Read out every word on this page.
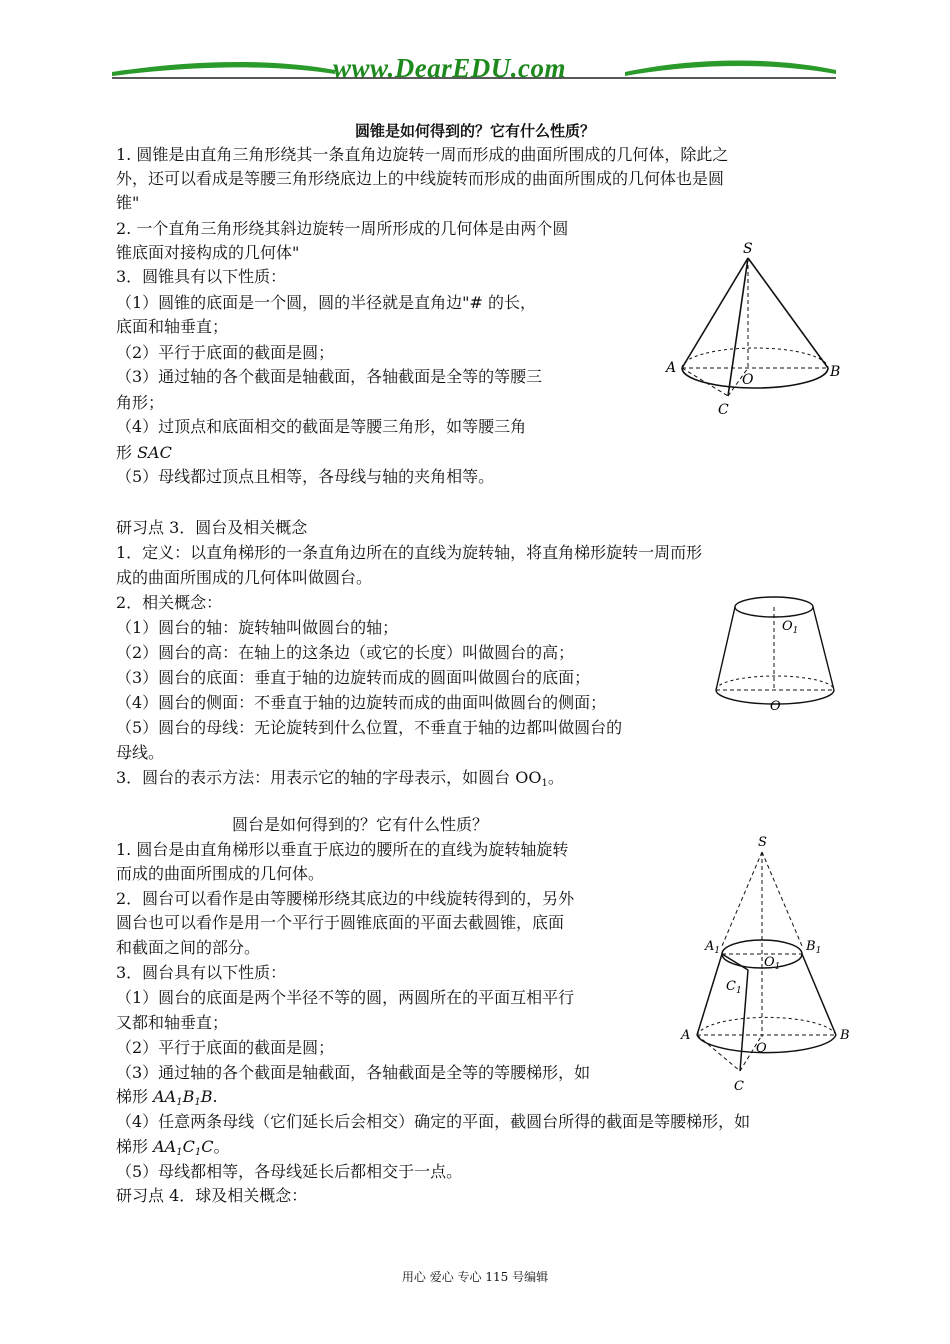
www.DearEDU.com
圆锥是如何得到的？它有什么性质？
1. 圆锥是由直角三角形绕其一条直角边旋转一周而形成的曲面所围成的几何体，除此之
外，还可以看成是等腰三角形绕底边上的中线旋转而形成的曲面所围成的几何体也是圆
锥"
2. 一个直角三角形绕其斜边旋转一周所形成的几何体是由两个圆
锥底面对接构成的几何体"
3．圆锥具有以下性质：
（1）圆锥的底面是一个圆，圆的半径就是直角边"# 的长，
底面和轴垂直；
（2）平行于底面的截面是圆；
（3）通过轴的各个截面是轴截面，各轴截面是全等的等腰三
角形；
（4）过顶点和底面相交的截面是等腰三角形，如等腰三角
形 SAC
（5）母线都过顶点且相等，各母线与轴的夹角相等。
S
A	B
O
C
研习点 3．圆台及相关概念
1．定义：以直角梯形的一条直角边所在的直线为旋转轴，将直角梯形旋转一周而形
成的曲面所围成的几何体叫做圆台。
2．相关概念：
（1）圆台的轴：旋转轴叫做圆台的轴；
（2）圆台的高：在轴上的这条边（或它的长度）叫做圆台的高；
（3）圆台的底面：垂直于轴的边旋转而成的圆面叫做圆台的底面；
（4）圆台的侧面：不垂直于轴的边旋转而成的曲面叫做圆台的侧面；
（5）圆台的母线：无论旋转到什么位置，不垂直于轴的边都叫做圆台的
母线。
3．圆台的表示方法：用表示它的轴的字母表示，如圆台 $OO_1$。
$O_1$
O
圆台是如何得到的？它有什么性质？
1. 圆台是由直角梯形以垂直于底边的腰所在的直线为旋转轴旋转
而成的曲面所围成的几何体。
2．圆台可以看作是由等腰梯形绕其底边的中线旋转得到的，另外
圆台也可以看作是用一个平行于圆锥底面的平面去截圆锥，底面
和截面之间的部分。
3．圆台具有以下性质：
（1）圆台的底面是两个半径不等的圆，两圆所在的平面互相平行
又都和轴垂直；
（2）平行于底面的截面是圆；
（3）通过轴的各个截面是轴截面，各轴截面是全等的等腰梯形，如
梯形 $AA_1B_1B$.
（4）任意两条母线（它们延长后会相交）确定的平面，截圆台所得的截面是等腰梯形，如
梯形 $AA_1C_1C$。
（5）母线都相等，各母线延长后都相交于一点。
研习点 4．球及相关概念：
S
$A_1$	$B_1$
$O_1$
$C_1$
A	B
O
C
用心 爱心 专心 115 号编辑
